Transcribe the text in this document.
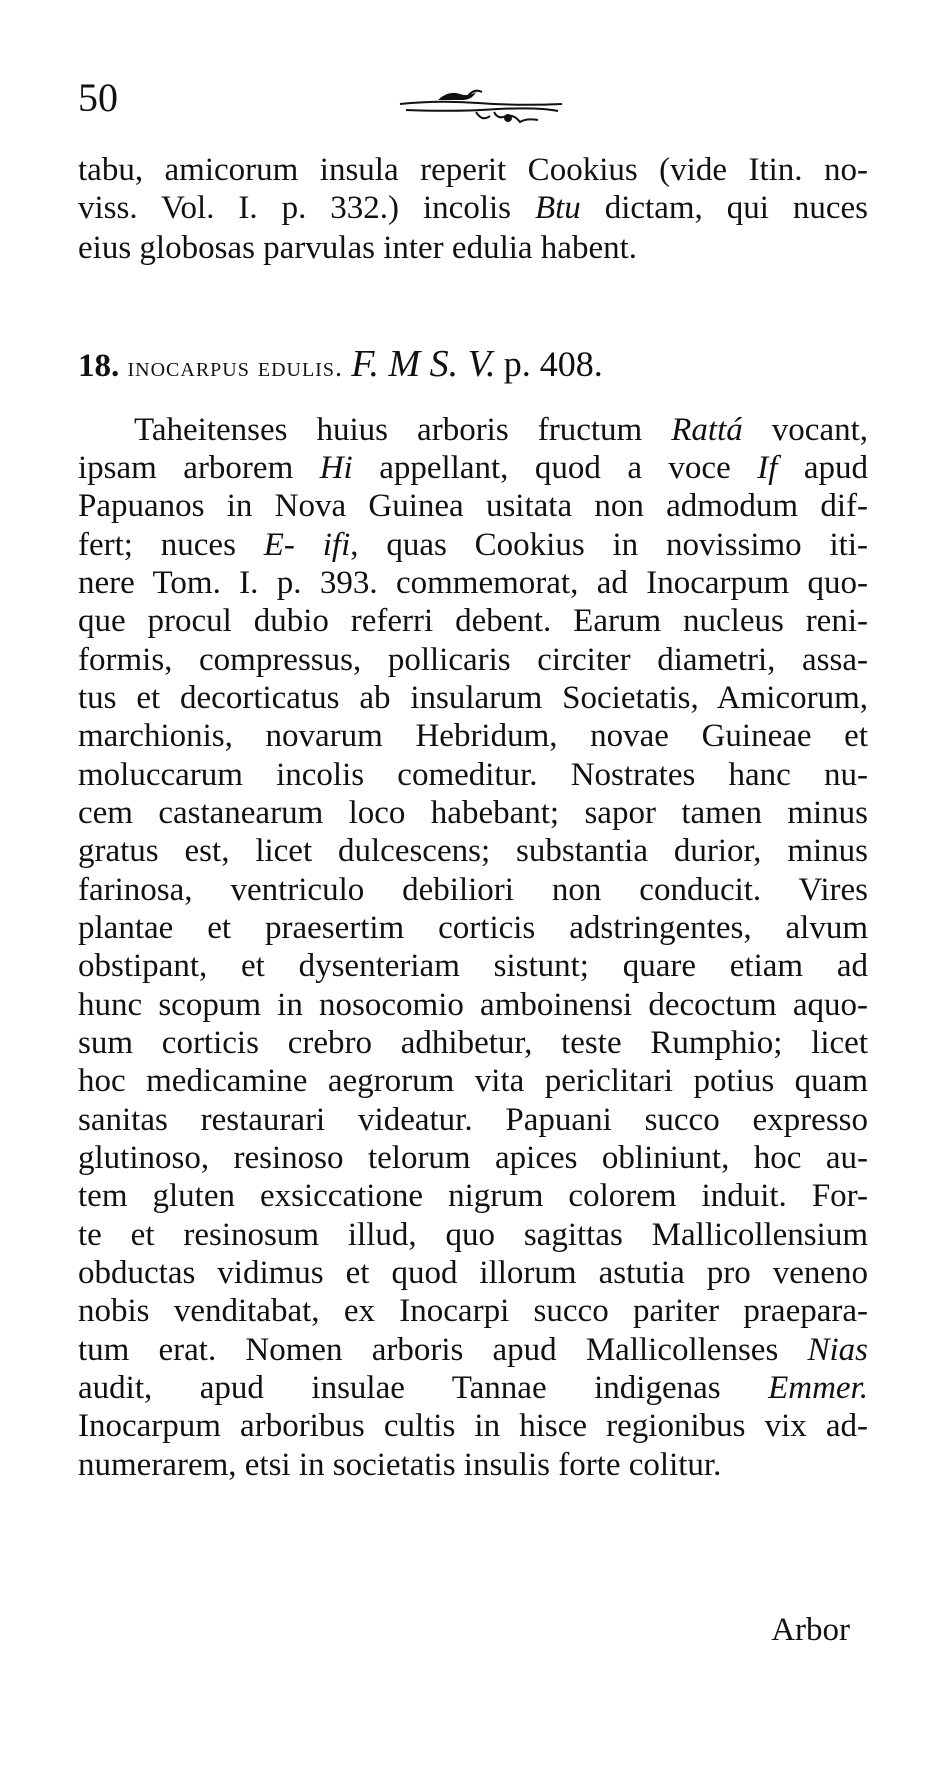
50
tabu, amicorum insula reperit Cookius (vide Itin. no-
viss. Vol. I. p. 332.) incolis Btu dictam, qui nuces
eius globosas parvulas inter edulia habent.
18. inocarpus edulis. F. M S. V. p. 408.
Taheitenses huius arboris fructum Rattá vocant,
ipsam arborem Hi appellant, quod a voce If apud
Papuanos in Nova Guinea usitata non admodum dif-
fert; nuces E- ifi, quas Cookius in novissimo iti-
nere Tom. I. p. 393. commemorat, ad Inocarpum quo-
que procul dubio referri debent. Earum nucleus reni-
formis, compressus, pollicaris circiter diametri, assa-
tus et decorticatus ab insularum Societatis, Amicorum,
marchionis, novarum Hebridum, novae Guineae et
moluccarum incolis comeditur. Nostrates hanc nu-
cem castanearum loco habebant; sapor tamen minus
gratus est, licet dulcescens; substantia durior, minus
farinosa, ventriculo debiliori non conducit. Vires
plantae et praesertim corticis adstringentes, alvum
obstipant, et dysenteriam sistunt; quare etiam ad
hunc scopum in nosocomio amboinensi decoctum aquo-
sum corticis crebro adhibetur, teste Rumphio; licet
hoc medicamine aegrorum vita periclitari potius quam
sanitas restaurari videatur. Papuani succo expresso
glutinoso, resinoso telorum apices obliniunt, hoc au-
tem gluten exsiccatione nigrum colorem induit. For-
te et resinosum illud, quo sagittas Mallicollensium
obductas vidimus et quod illorum astutia pro veneno
nobis venditabat, ex Inocarpi succo pariter praepara-
tum erat. Nomen arboris apud Mallicollenses Nias
audit, apud insulae Tannae indigenas Emmer.
Inocarpum arboribus cultis in hisce regionibus vix ad-
numerarem, etsi in societatis insulis forte colitur.
Arbor
